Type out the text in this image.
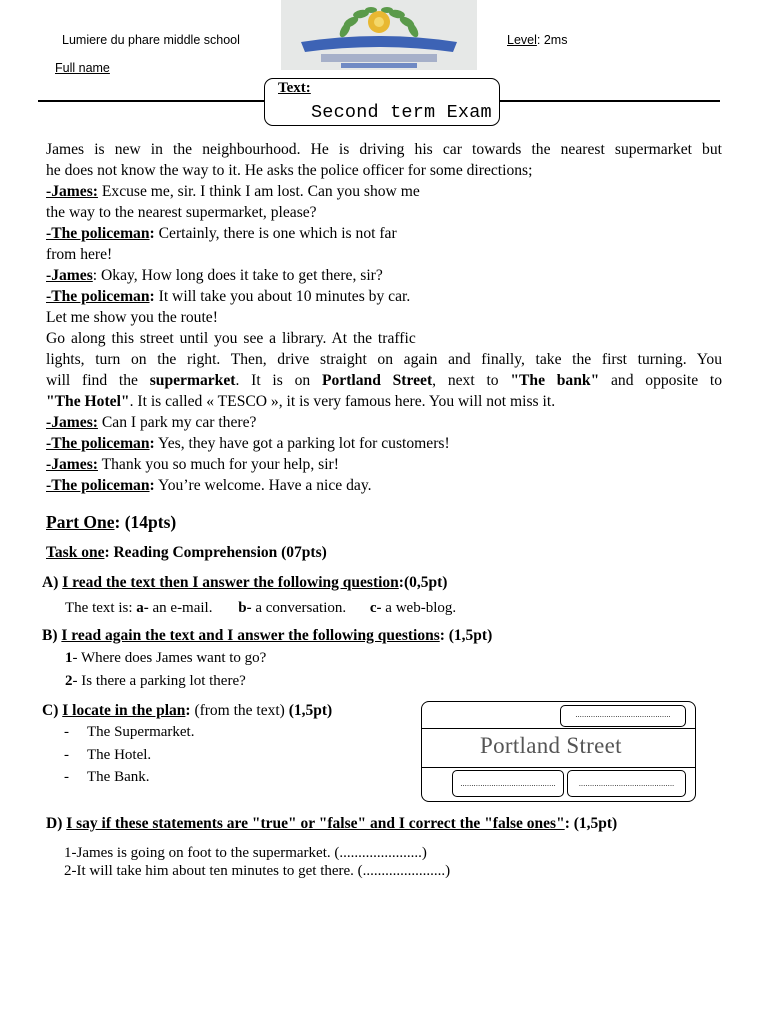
Lumiere du phare middle school
Full name
Level: 2ms
Text:
Second term Exam
James is new in the neighbourhood. He is driving his car towards the nearest supermarket but
he does not know the way to it. He asks the police officer for some directions;
-James: Excuse me, sir. I think I am lost. Can you show me
the way to the nearest supermarket, please?
-The policeman: Certainly, there is one which is not far
from here!
-James: Okay, How long does it take to get there, sir?
-The policeman: It will take you about 10 minutes by car.
Let me show you the route!
Go along this street until you see a library. At the traffic
lights, turn on the right. Then, drive straight on again and finally, take the first turning. You
will find the supermarket. It is on Portland Street, next to "The bank" and opposite to
"The Hotel". It is called « TESCO », it is very famous here. You will not miss it.
-James: Can I park my car there?
-The policeman: Yes, they have got a parking lot for customers!
-James: Thank you so much for your help, sir!
-The policeman: You’re welcome. Have a nice day.
Part One: (14pts)
Task one: Reading Comprehension (07pts)
A) I read the text then I answer the following question:(0,5pt)
The text is: a- an e-mail. b- a conversation. c- a web-blog.
B) I read again the text and I answer the following questions: (1,5pt)
1- Where does James want to go?
2- Is there a parking lot there?
C) I locate in the plan: (from the text) (1,5pt)
- The Supermarket.
- The Hotel.
- The Bank.
Portland Street
...........................................
...........................................	...........................................
D) I say if these statements are "true" or "false" and I correct the "false ones": (1,5pt)
1-James is going on foot to the supermarket. (......................)
2-It will take him about ten minutes to get there. (......................)
